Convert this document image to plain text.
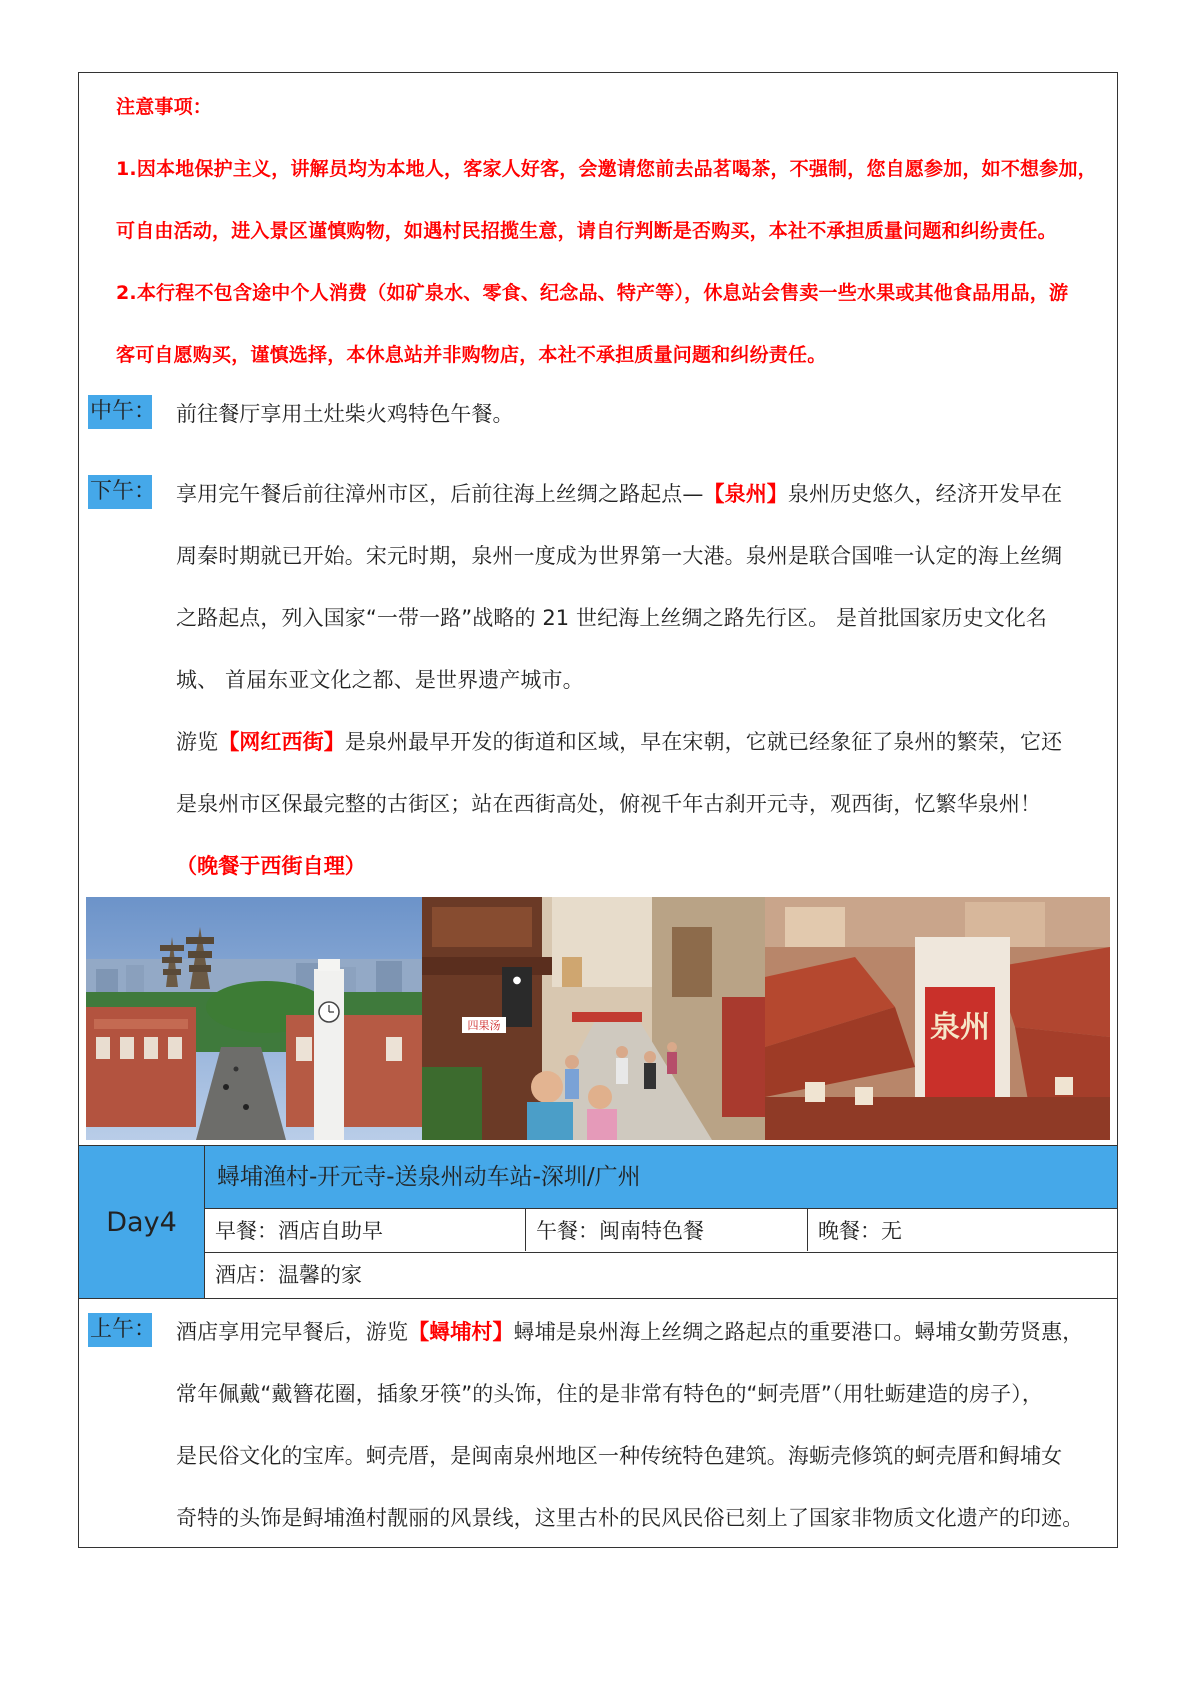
注意事项：
1.因本地保护主义，讲解员均为本地人，客家人好客，会邀请您前去品茗喝茶，不强制，您自愿参加，如不想参加，
可自由活动，进入景区谨慎购物，如遇村民招揽生意，请自行判断是否购买，本社不承担质量问题和纠纷责任。
2.本行程不包含途中个人消费（如矿泉水、零食、纪念品、特产等），休息站会售卖一些水果或其他食品用品，游
客可自愿购买，谨慎选择，本休息站并非购物店，本社不承担质量问题和纠纷责任。
中午： 前往餐厅享用土灶柴火鸡特色午餐。
下午： 享用完午餐后前往漳州市区，后前往海上丝绸之路起点—【泉州】泉州历史悠久，经济开发早在
周秦时期就已开始。宋元时期，泉州一度成为世界第一大港。泉州是联合国唯一认定的海上丝绸
之路起点，列入国家“一带一路”战略的 21 世纪海上丝绸之路先行区。 是首批国家历史文化名
城、 首届东亚文化之都、是世界遗产城市。
游览【网红西街】是泉州最早开发的街道和区域，早在宋朝，它就已经象征了泉州的繁荣，它还
是泉州市区保最完整的古街区；站在西街高处，俯视千年古刹开元寺，观西街，忆繁华泉州！
（晚餐于西街自理）
●
四果汤	泉州
Day4
蟳埔渔村-开元寺-送泉州动车站-深圳/广州
早餐：酒店自助早	午餐：闽南特色餐	晚餐：无
酒店：温馨的家
上午： 酒店享用完早餐后，游览【蟳埔村】蟳埔是泉州海上丝绸之路起点的重要港口。蟳埔女勤劳贤惠，
常年佩戴“戴簪花圈，插象牙筷”的头饰，住的是非常有特色的“蚵壳厝”（用牡蛎建造的房子），
是民俗文化的宝库。蚵壳厝，是闽南泉州地区一种传统特色建筑。海蛎壳修筑的蚵壳厝和鲟埔女
奇特的头饰是鲟埔渔村靓丽的风景线，这里古朴的民风民俗已刻上了国家非物质文化遗产的印迹。
